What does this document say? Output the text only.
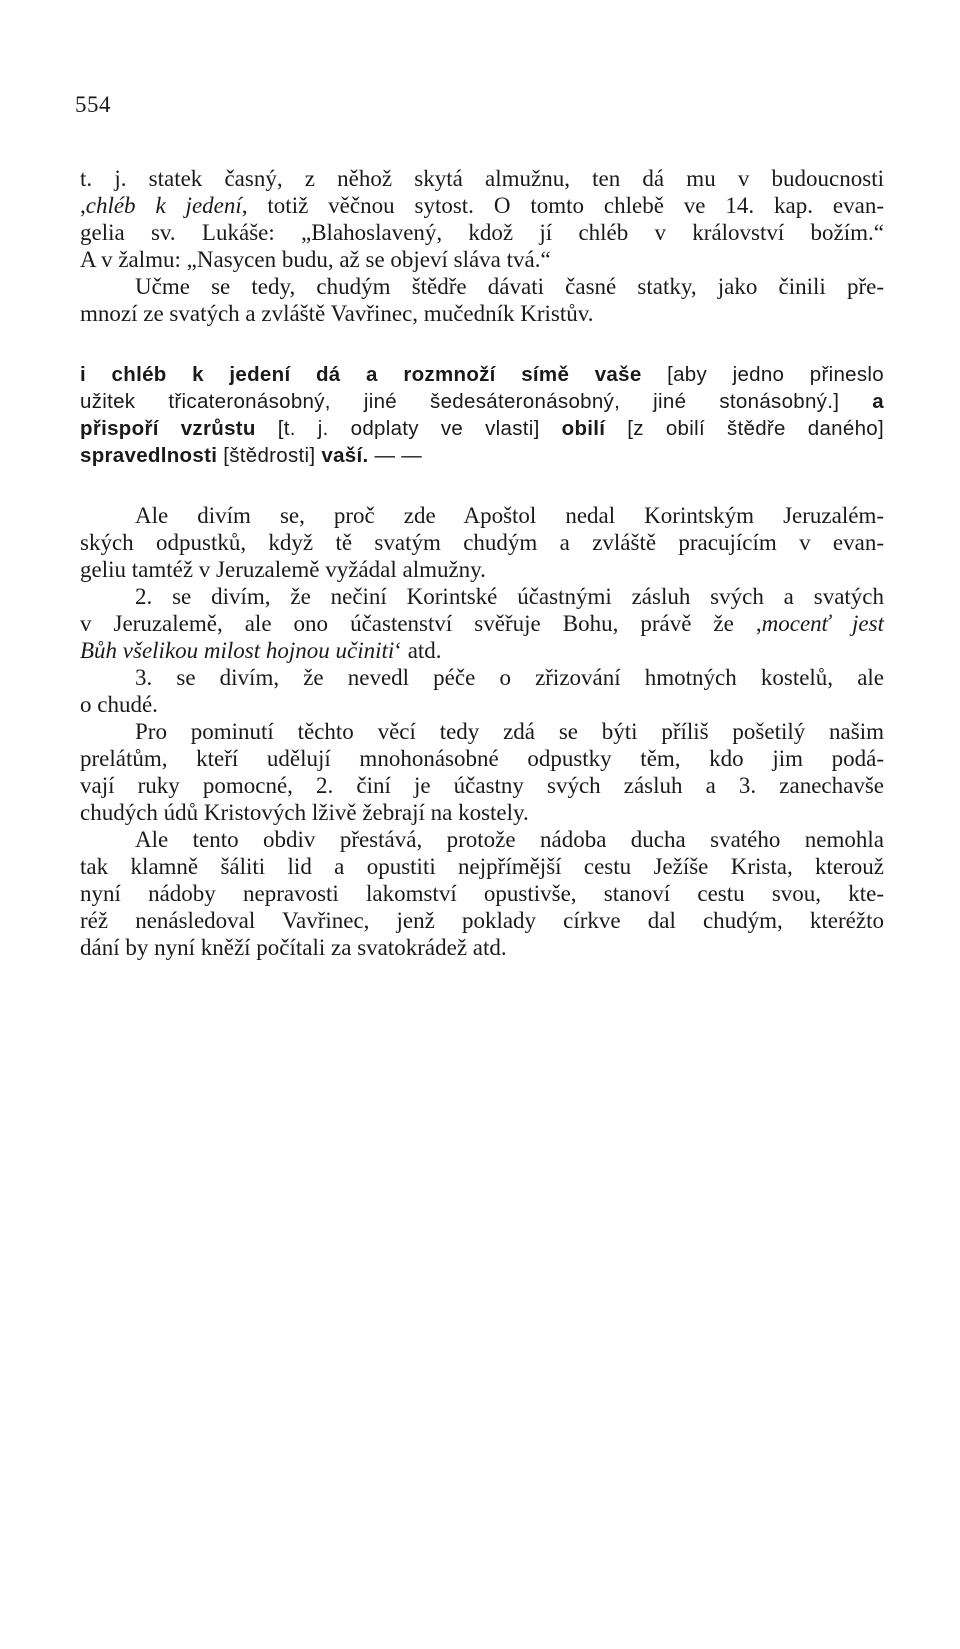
554
t. j. statek časný, z něhož skytá almužnu, ten dá mu v budoucnosti
,chléb k jedení, totiž věčnou sytost. O tomto chlebě ve 14. kap. evan-
gelia sv. Lukáše: „Blahoslavený, kdož jí chléb v království božím.“
A v žalmu: „Nasycen budu, až se objeví sláva tvá.“
Učme se tedy, chudým štědře dávati časné statky, jako činili pře-
mnozí ze svatých a zvláště Vavřinec, mučedník Kristův.
i chléb k jedení dá a rozmnoží símě vaše [aby jedno přineslo
užitek třicateronásobný, jiné šedesáteronásobný, jiné stonásobný.] a
přispoří vzrůstu [t. j. odplaty ve vlasti] obilí [z obilí štědře daného]
spravedlnosti [štědrosti] vaší. — —
Ale divím se, proč zde Apoštol nedal Korintským Jeruzalém-
ských odpustků, když tě svatým chudým a zvláště pracujícím v evan-
geliu tamtéž v Jeruzalemě vyžádal almužny.
2. se divím, že nečiní Korintské účastnými zásluh svých a svatých
v Jeruzalemě, ale ono účastenství svěřuje Bohu, právě že ,mocenť jest
Bůh všelikou milost hojnou učiniti‘ atd.
3. se divím, že nevedl péče o zřizování hmotných kostelů, ale
o chudé.
Pro pominutí těchto věcí tedy zdá se býti příliš pošetilý našim
prelátům, kteří udělují mnohonásobné odpustky těm, kdo jim podá-
vají ruky pomocné, 2. činí je účastny svých zásluh a 3. zanechavše
chudých údů Kristových lživě žebrají na kostely.
Ale tento obdiv přestává, protože nádoba ducha svatého nemohla
tak klamně šáliti lid a opustiti nejpřímější cestu Ježíše Krista, kterouž
nyní nádoby nepravosti lakomství opustivše, stanoví cestu svou, kte-
réž nenásledoval Vavřinec, jenž poklady církve dal chudým, kteréžto
dání by nyní kněží počítali za svatokrádež atd.
